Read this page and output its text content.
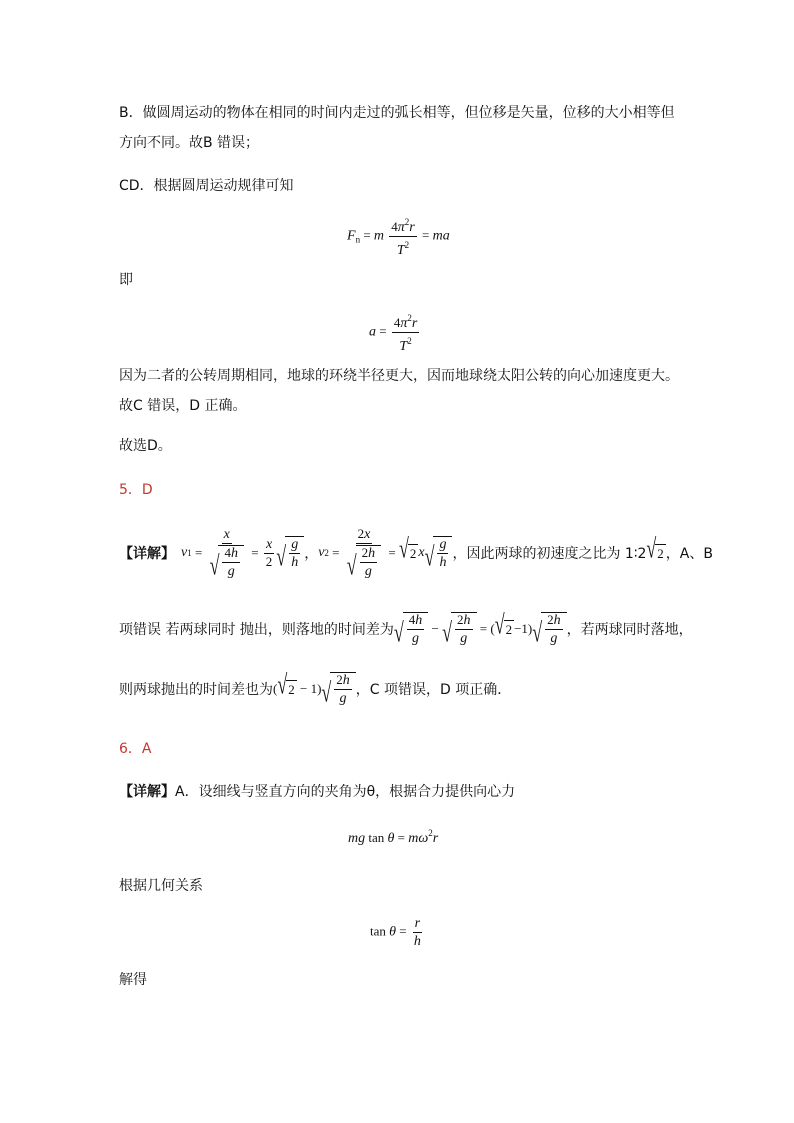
B．做圆周运动的物体在相同的时间内走过的弧长相等，但位移是矢量，位移的大小相等但
方向不同。故B 错误；
CD．根据圆周运动规律可知
$F_n = m \frac{4\pi^2r}{T^2}$ = ma
即
$a = \frac{4\pi^2r}{T^2}$
因为二者的公转周期相同，地球的环绕半径更大，因而地球绕太阳公转的向心加速度更大。
故C 错误，D 正确。
故选D。
5．D
【详解】 v $1 = \frac{x}{√ \frac{4h}{g}} = \frac{x}{2}$ √ $\frac{g}{h}$ ， v $2 = \frac{2x}{√ \frac{2h}{g}}$ = √ 2 x √ $\frac{g}{h}$ ，因此两球的初速度之比为 1∶2 √ 2 ，A、B
项错误 若两球同时 抛出，则落地的时间差为 √ $\frac{4h}{g}$ − √ $\frac{2h}{g}$ = ( √ 2 −1) √ $\frac{2h}{g}$ ，若两球同时落地，
则两球抛出的时间差也为 ( √ 2 − 1) √ $\frac{2h}{g}$ ，C 项错误，D 项正确．
6．A
【详解】A．设细线与竖直方向的夹角为θ，根据合力提供向心力
mg $\tan \theta = m\omega^2r$
根据几何关系
$\tan \theta = \frac{r}{h}$
解得
